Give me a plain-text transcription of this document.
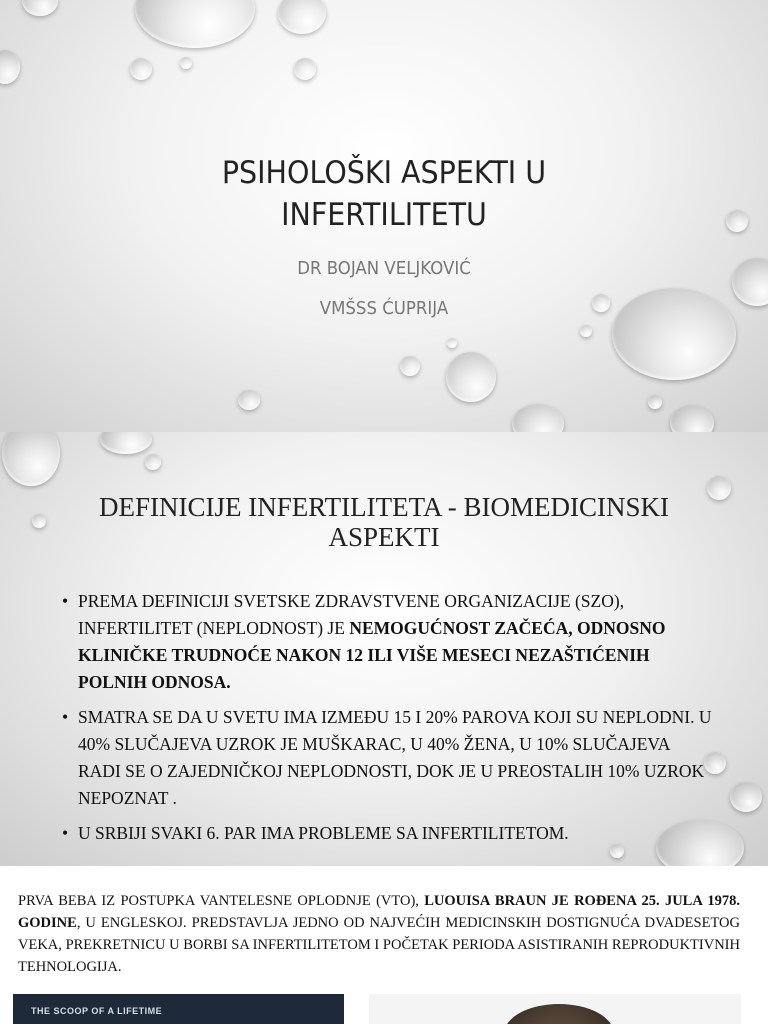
PSIHOLOŠKI ASPEKTI U
INFERTILITETU
DR BOJAN VELJKOVIĆ
VMŠSS ĆUPRIJA
DEFINICIJE INFERTILITETA - BIOMEDICINSKI
ASPEKTI
• PREMA DEFINICIJI SVETSKE ZDRAVSTVENE ORGANIZACIJE (SZO), INFERTILITET (NEPLODNOST) JE NEMOGUĆNOST ZAČEĆA, ODNOSNO KLINIČKE TRUDNOĆE NAKON 12 ILI VIŠE MESECI NEZAŠTIĆENIH POLNIH ODNOSA.
• SMATRA SE DA U SVETU IMA IZMEĐU 15 I 20% PAROVA KOJI SU NEPLODNI. U 40% SLUČAJEVA UZROK JE MUŠKARAC, U 40% ŽENA, U 10% SLUČAJEVA RADI SE O ZAJEDNIČKOJ NEPLODNOSTI, DOK JE U PREOSTALIH 10% UZROK NEPOZNAT .
• U SRBIJI SVAKI 6. PAR IMA PROBLEME SA INFERTILITETOM.
PRVA BEBA IZ POSTUPKA VANTELESNE OPLODNJE (VTO), LUOUISA BRAUN JE ROĐENA 25. JULA 1978. GODINE, U ENGLESKOJ. PREDSTAVLJA JEDNO OD NAJVEĆIH MEDICINSKIH DOSTIGNUĆA DVADESETOG VEKA, PREKRETNICU U BORBI SA INFERTILITETOM I POČETAK PERIODA ASISTIRANIH REPRODUKTIVNIH TEHNOLOGIJA.
THE SCOOP OF A LIFETIME
